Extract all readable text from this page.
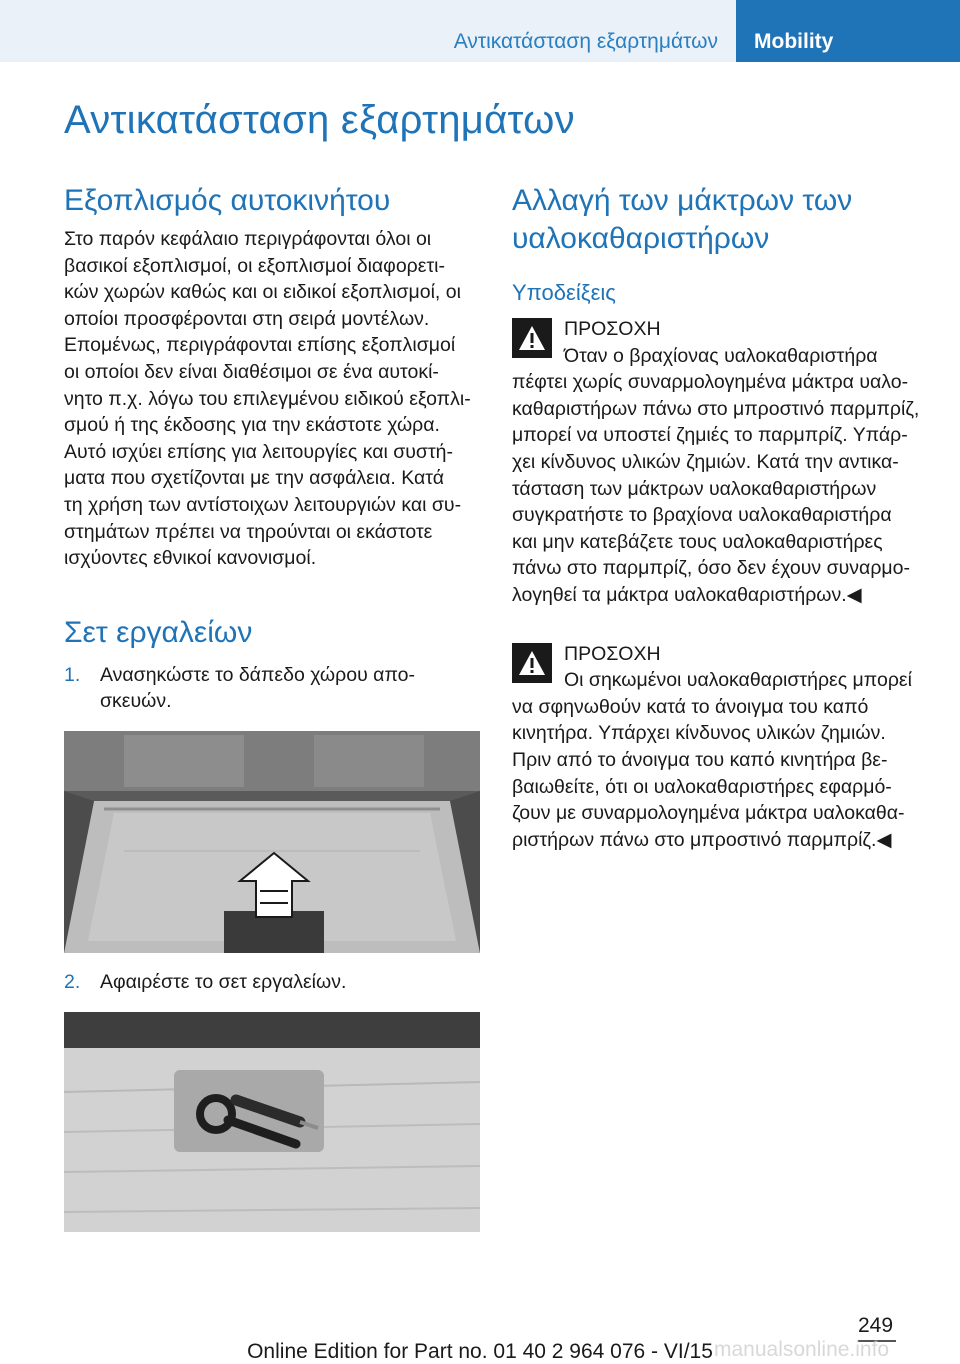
Αντικατάσταση εξαρτημάτων	Mobility
Αντικατάσταση εξαρτημάτων
Εξοπλισμός αυτοκινήτου

Στο παρόν κεφάλαιο περιγράφονται όλοι οι
βασικοί εξοπλισμοί, οι εξοπλισμοί διαφορετι‐
κών χωρών καθώς και οι ειδικοί εξοπλισμοί, οι
οποίοι προσφέρονται στη σειρά μοντέλων.
Επομένως, περιγράφονται επίσης εξοπλισμοί
οι οποίοι δεν είναι διαθέσιμοι σε ένα αυτοκί‐
νητο π.χ. λόγω του επιλεγμένου ειδικού εξοπλι‐
σμού ή της έκδοσης για την εκάστοτε χώρα.
Αυτό ισχύει επίσης για λειτουργίες και συστή‐
ματα που σχετίζονται με την ασφάλεια. Κατά
τη χρήση των αντίστοιχων λειτουργιών και συ‐
στημάτων πρέπει να τηρούνται οι εκάστοτε
ισχύοντες εθνικοί κανονισμοί.

Σετ εργαλείων
1. Ανασηκώστε το δάπεδο χώρου απο‐
σκευών.
2. Αφαιρέστε το σετ εργαλείων.
Αλλαγή των μάκτρων των
υαλοκαθαριστήρων
Υποδείξεις
ΠΡΟΣΟΧΗ
Όταν ο βραχίονας υαλοκαθαριστήρα
πέφτει χωρίς συναρμολογημένα μάκτρα υαλο‐
καθαριστήρων πάνω στο μπροστινό παρμπρίζ,
μπορεί να υποστεί ζημιές το παρμπρίζ. Υπάρ‐
χει κίνδυνος υλικών ζημιών. Κατά την αντικα‐
τάσταση των μάκτρων υαλοκαθαριστήρων
συγκρατήστε το βραχίονα υαλοκαθαριστήρα
και μην κατεβάζετε τους υαλοκαθαριστήρες
πάνω στο παρμπρίζ, όσο δεν έχουν συναρμο‐
λογηθεί τα μάκτρα υαλοκαθαριστήρων.◀
ΠΡΟΣΟΧΗ
Οι σηκωμένοι υαλοκαθαριστήρες μπορεί
να σφηνωθούν κατά το άνοιγμα του καπό
κινητήρα. Υπάρχει κίνδυνος υλικών ζημιών.
Πριν από το άνοιγμα του καπό κινητήρα βε‐
βαιωθείτε, ότι οι υαλοκαθαριστήρες εφαρμό‐
ζουν με συναρμολογημένα μάκτρα υαλοκαθα‐
ριστήρων πάνω στο μπροστινό παρμπρίζ.◀
249
manualsonline.info
Online Edition for Part no. 01 40 2 964 076 - VI/15
